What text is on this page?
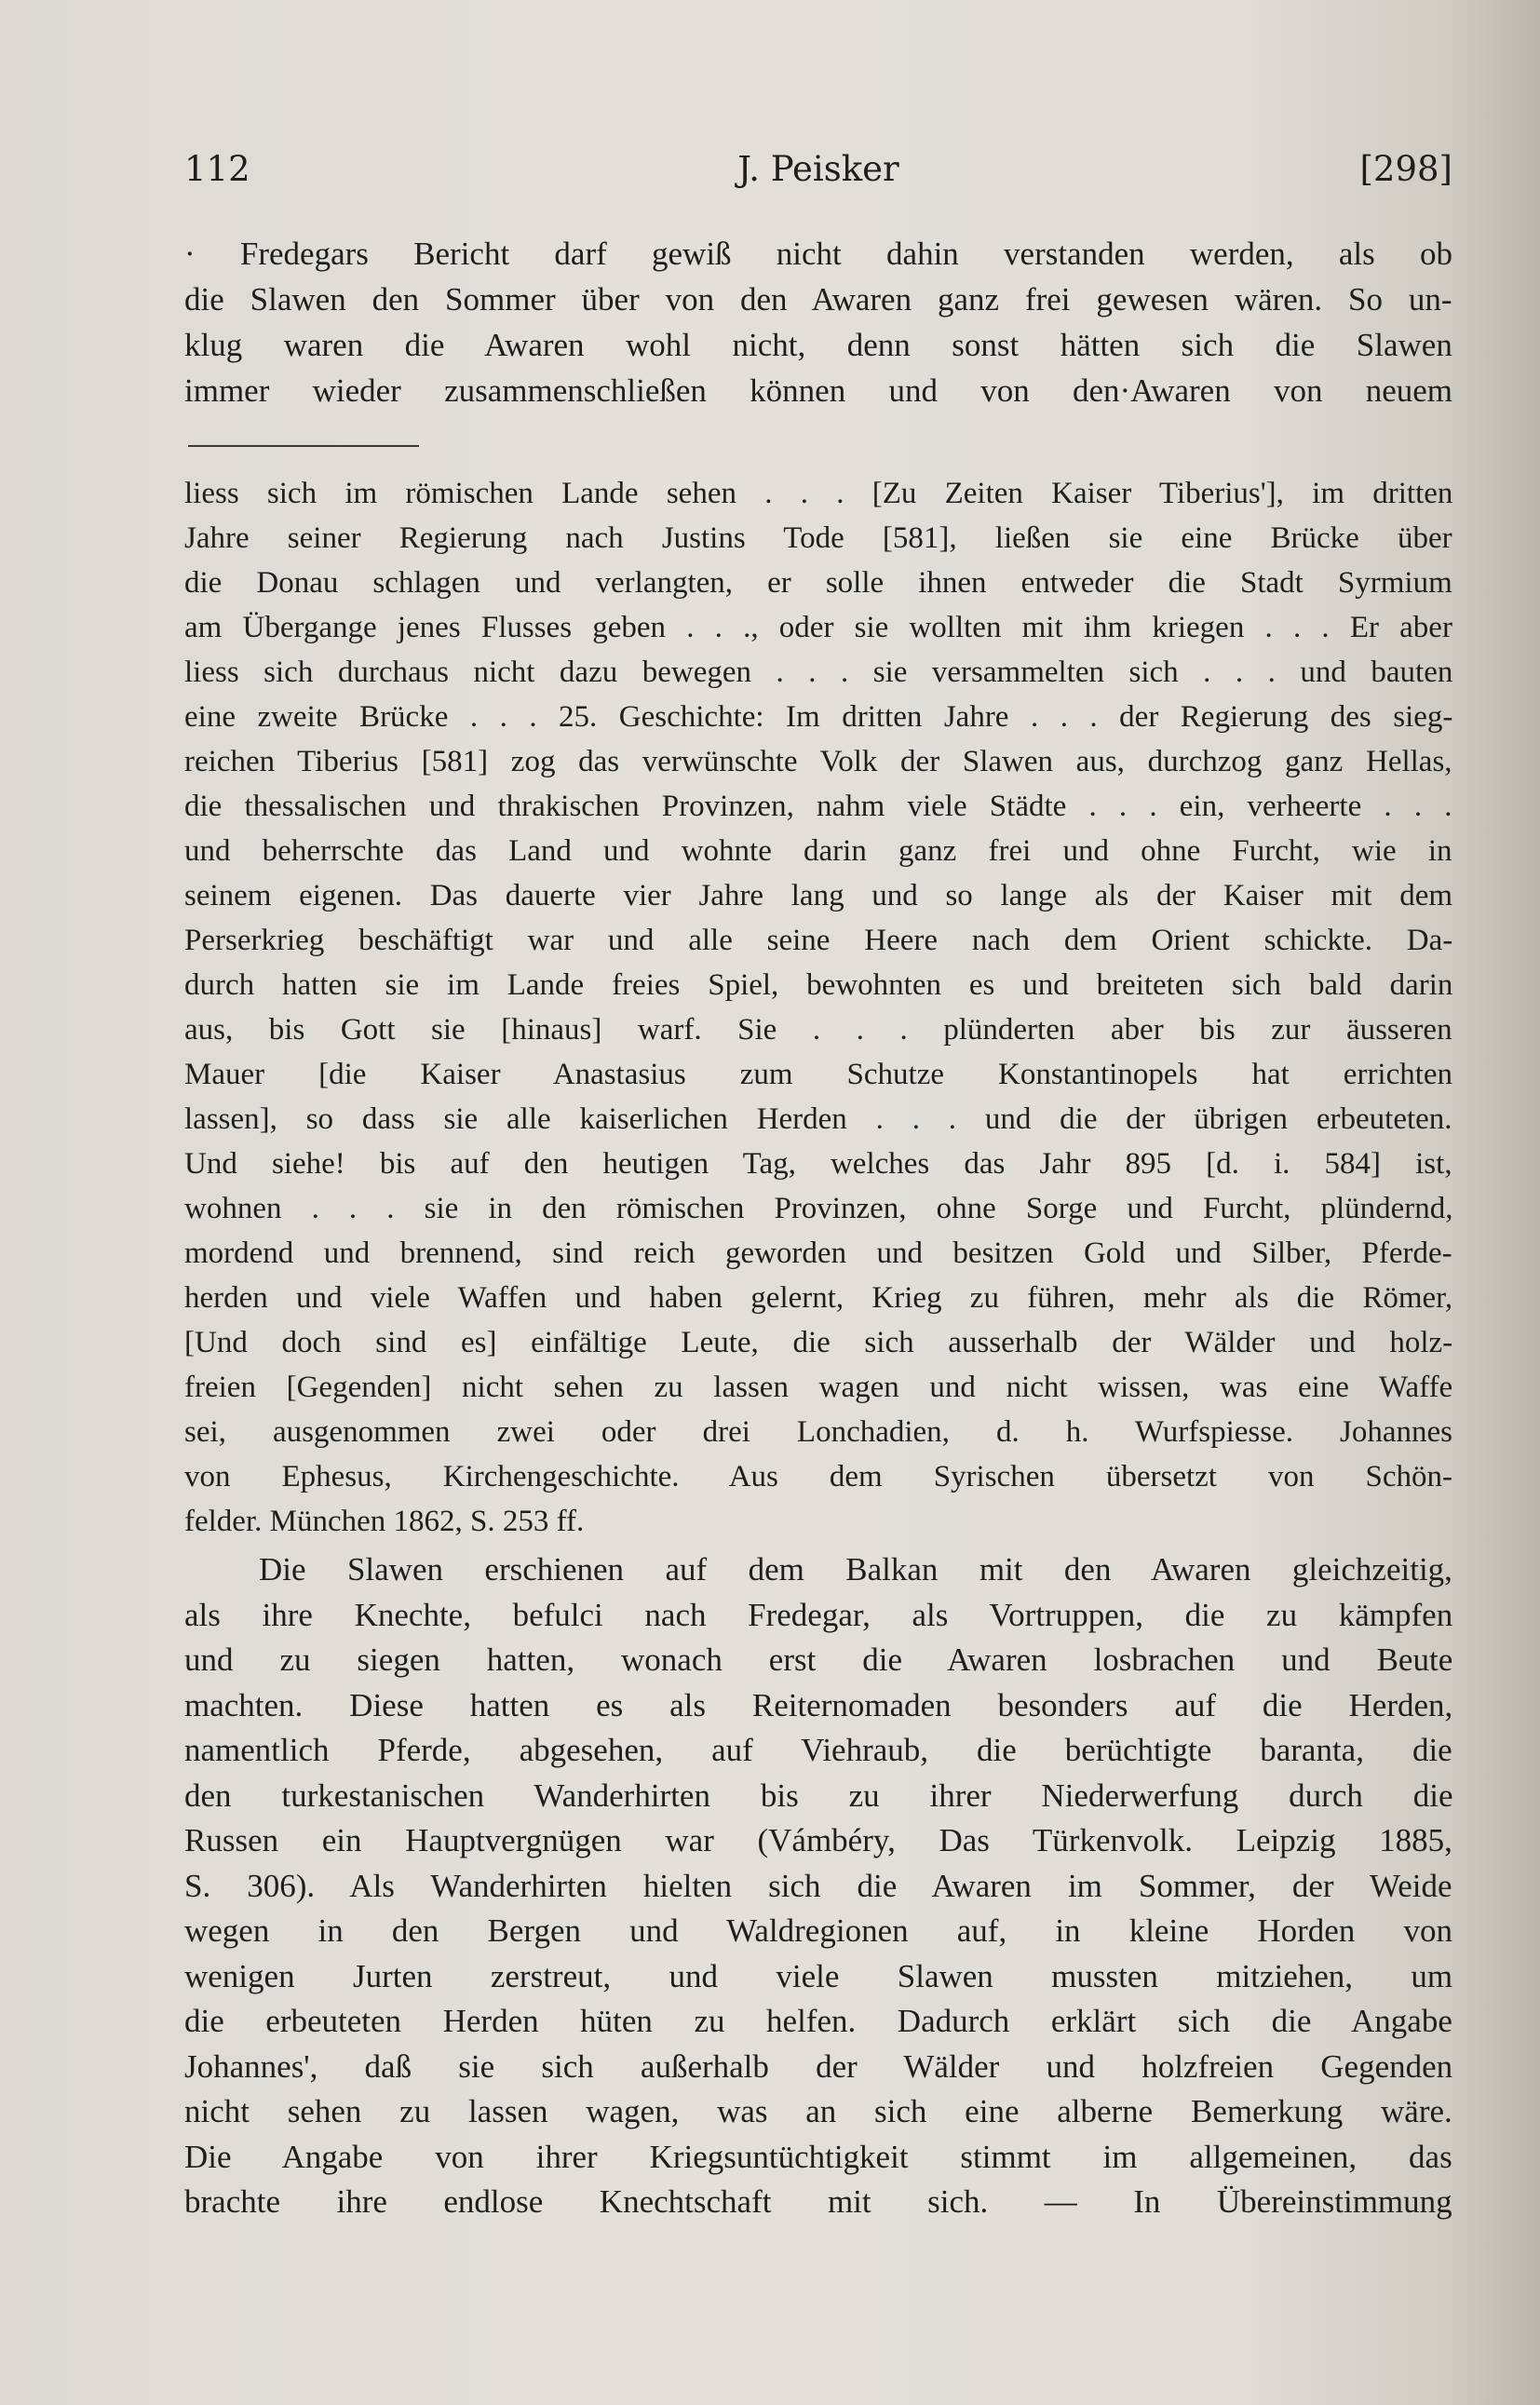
112	J. Peisker	[298]
· Fredegars Bericht darf gewiß nicht dahin verstanden werden, als ob
die Slawen den Sommer über von den Awaren ganz frei gewesen wären. So un-
klug waren die Awaren wohl nicht, denn sonst hätten sich die Slawen
immer wieder zusammenschließen können und von den·Awaren von neuem
liess sich im römischen Lande sehen . . . [Zu Zeiten Kaiser Tiberius'], im dritten
Jahre seiner Regierung nach Justins Tode [581], ließen sie eine Brücke über
die Donau schlagen und verlangten, er solle ihnen entweder die Stadt Syrmium
am Übergange jenes Flusses geben . . ., oder sie wollten mit ihm kriegen . . . Er aber
liess sich durchaus nicht dazu bewegen . . . sie versammelten sich . . . und bauten
eine zweite Brücke . . . 25. Geschichte: Im dritten Jahre . . . der Regierung des sieg-
reichen Tiberius [581] zog das verwünschte Volk der Slawen aus, durchzog ganz Hellas,
die thessalischen und thrakischen Provinzen, nahm viele Städte . . . ein, verheerte . . .
und beherrschte das Land und wohnte darin ganz frei und ohne Furcht, wie in
seinem eigenen. Das dauerte vier Jahre lang und so lange als der Kaiser mit dem
Perserkrieg beschäftigt war und alle seine Heere nach dem Orient schickte. Da-
durch hatten sie im Lande freies Spiel, bewohnten es und breiteten sich bald darin
aus, bis Gott sie [hinaus] warf. Sie . . . plünderten aber bis zur äusseren
Mauer [die Kaiser Anastasius zum Schutze Konstantinopels hat errichten
lassen], so dass sie alle kaiserlichen Herden . . . und die der übrigen erbeuteten.
Und siehe! bis auf den heutigen Tag, welches das Jahr 895 [d. i. 584] ist,
wohnen . . . sie in den römischen Provinzen, ohne Sorge und Furcht, plündernd,
mordend und brennend, sind reich geworden und besitzen Gold und Silber, Pferde-
herden und viele Waffen und haben gelernt, Krieg zu führen, mehr als die Römer,
[Und doch sind es] einfältige Leute, die sich ausserhalb der Wälder und holz-
freien [Gegenden] nicht sehen zu lassen wagen und nicht wissen, was eine Waffe
sei, ausgenommen zwei oder drei Lonchadien, d. h. Wurfspiesse. Johannes
von Ephesus, Kirchengeschichte. Aus dem Syrischen übersetzt von Schön-
felder. München 1862, S. 253 ff.
Die Slawen erschienen auf dem Balkan mit den Awaren gleichzeitig,
als ihre Knechte, befulci nach Fredegar, als Vortruppen, die zu kämpfen
und zu siegen hatten, wonach erst die Awaren losbrachen und Beute
machten. Diese hatten es als Reiternomaden besonders auf die Herden,
namentlich Pferde, abgesehen, auf Viehraub, die berüchtigte baranta, die
den turkestanischen Wanderhirten bis zu ihrer Niederwerfung durch die
Russen ein Hauptvergnügen war (Vámbéry, Das Türkenvolk. Leipzig 1885,
S. 306). Als Wanderhirten hielten sich die Awaren im Sommer, der Weide
wegen in den Bergen und Waldregionen auf, in kleine Horden von
wenigen Jurten zerstreut, und viele Slawen mussten mitziehen, um
die erbeuteten Herden hüten zu helfen. Dadurch erklärt sich die Angabe
Johannes', daß sie sich außerhalb der Wälder und holzfreien Gegenden
nicht sehen zu lassen wagen, was an sich eine alberne Bemerkung wäre.
Die Angabe von ihrer Kriegsuntüchtigkeit stimmt im allgemeinen, das
brachte ihre endlose Knechtschaft mit sich. — In Übereinstimmung
